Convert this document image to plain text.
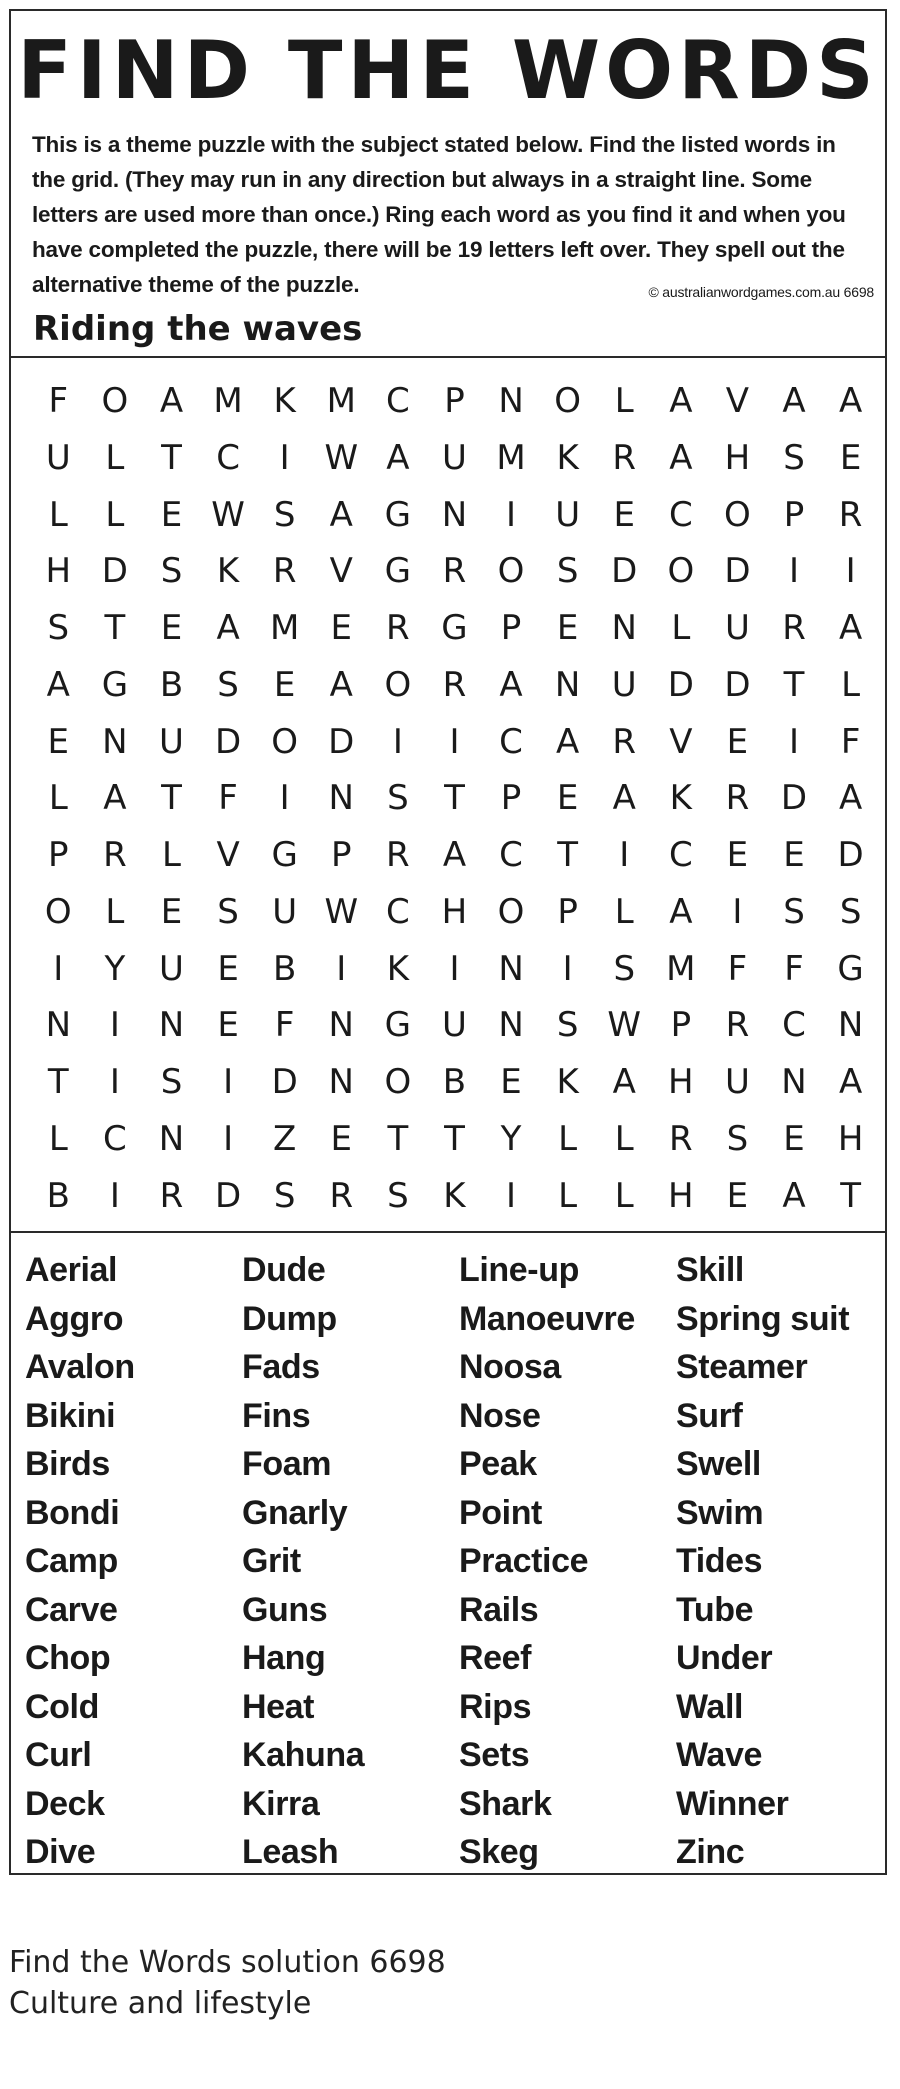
FIND THE WORDS
This is a theme puzzle with the subject stated below. Find the listed words in the grid. (They may run in any direction but always in a straight line. Some letters are used more than once.) Ring each word as you find it and when you have completed the puzzle, there will be 19 letters left over. They spell out the alternative theme of the puzzle.	© australianwordgames.com.au 6698
Riding the waves
F O A M K M C	P N O L	A V A A
U	L	T	C	I	W A U M K R A H S	E
L	L	E W S	A G N	I	U E C O P	R
H D S	K R V G R O S D O D	I	I
S	T	E	A M E	R G P	E N	L	U R A
A G B	S	E	A O R A N U D D T	L
E N U D O D	I	I	C A R V	E	I	F
L	A	T	F	I	N S	T	P	E	A K R D A
P	R	L	V G P	R A C	T	I	C E	E D
O L	E	S U W C H O P	L	A	I	S	S
I	Y U E	B	I	K	I	N	I	S M F	F G
N	I	N E	F	N G U N S W P	R C N
T	I	S	I	D N O B	E	K A H U N A
L	C N	I	Z	E	T	T	Y	L	L	R S	E H
B	I	R D S R S	K	I	L	L	H E	A	T
Aerial	Dude	Line-up	Skill
Aggro	Dump	Manoeuvre	Spring suit
Avalon	Fads	Noosa	Steamer
Bikini	Fins	Nose	Surf
Birds	Foam	Peak	Swell
Bondi	Gnarly	Point	Swim
Camp	Grit	Practice	Tides
Carve	Guns	Rails	Tube
Chop	Hang	Reef	Under
Cold	Heat	Rips	Wall
Curl	Kahuna	Sets	Wave
Deck	Kirra	Shark	Winner
Dive	Leash	Skeg	Zinc
Find the Words solution 6698
Culture and lifestyle
